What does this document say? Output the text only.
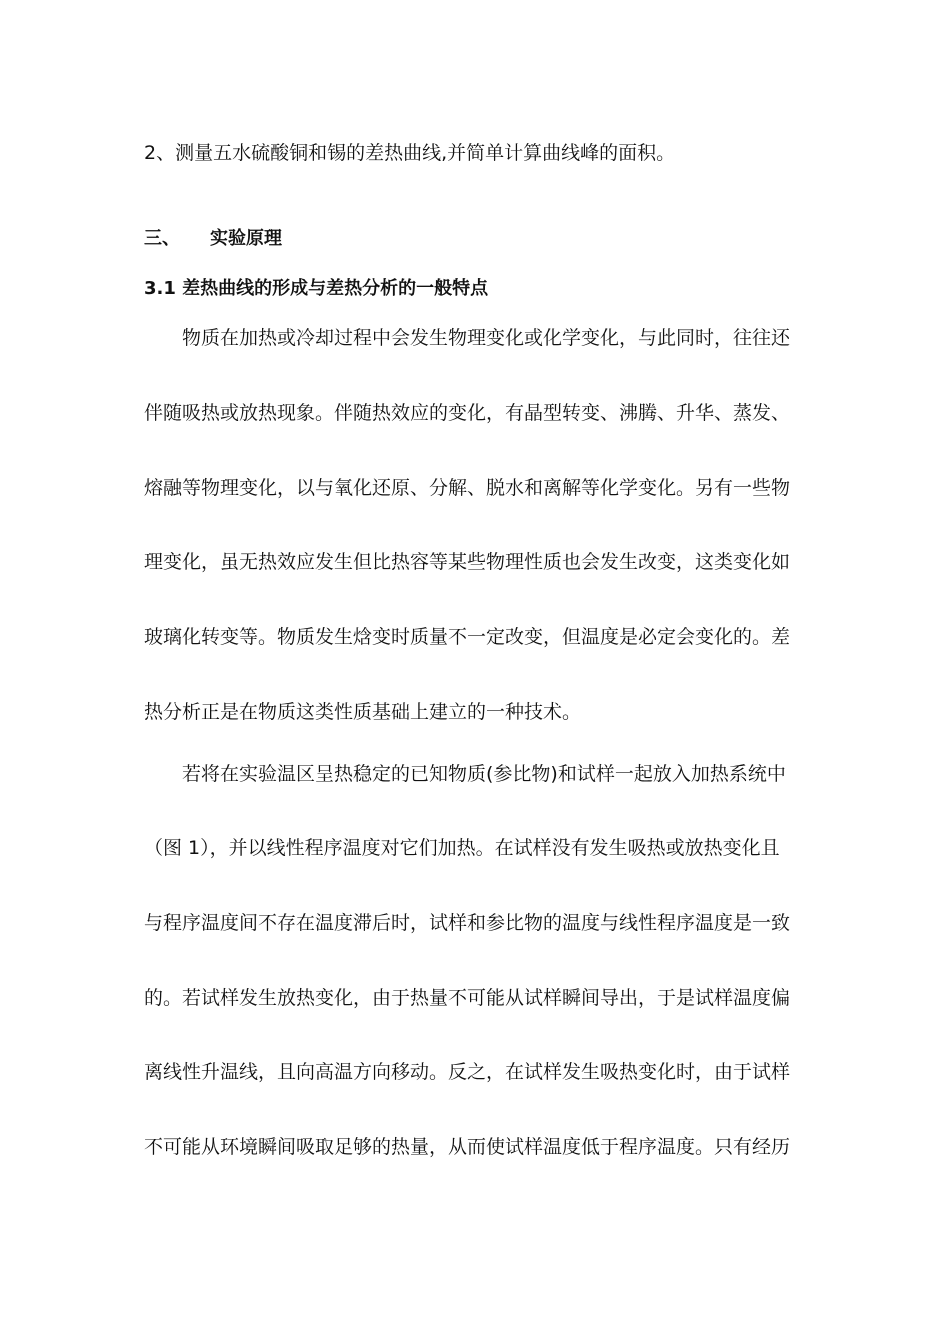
2、测量五水硫酸铜和锡的差热曲线,并简单计算曲线峰的面积。

三、 实验原理

3.1 差热曲线的形成与差热分析的一般特点

物质在加热或冷却过程中会发生物理变化或化学变化，与此同时，往往还

伴随吸热或放热现象。伴随热效应的变化，有晶型转变、沸腾、升华、蒸发、

熔融等物理变化，以与氧化还原、分解、脱水和离解等化学变化。另有一些物

理变化，虽无热效应发生但比热容等某些物理性质也会发生改变，这类变化如

玻璃化转变等。物质发生焓变时质量不一定改变，但温度是必定会变化的。差

热分析正是在物质这类性质基础上建立的一种技术。

若将在实验温区呈热稳定的已知物质(参比物)和试样一起放入加热系统中

（图 1），并以线性程序温度对它们加热。在试样没有发生吸热或放热变化且

与程序温度间不存在温度滞后时，试样和参比物的温度与线性程序温度是一致

的。若试样发生放热变化，由于热量不可能从试样瞬间导出，于是试样温度偏

离线性升温线，且向高温方向移动。反之，在试样发生吸热变化时，由于试样

不可能从环境瞬间吸取足够的热量，从而使试样温度低于程序温度。只有经历
